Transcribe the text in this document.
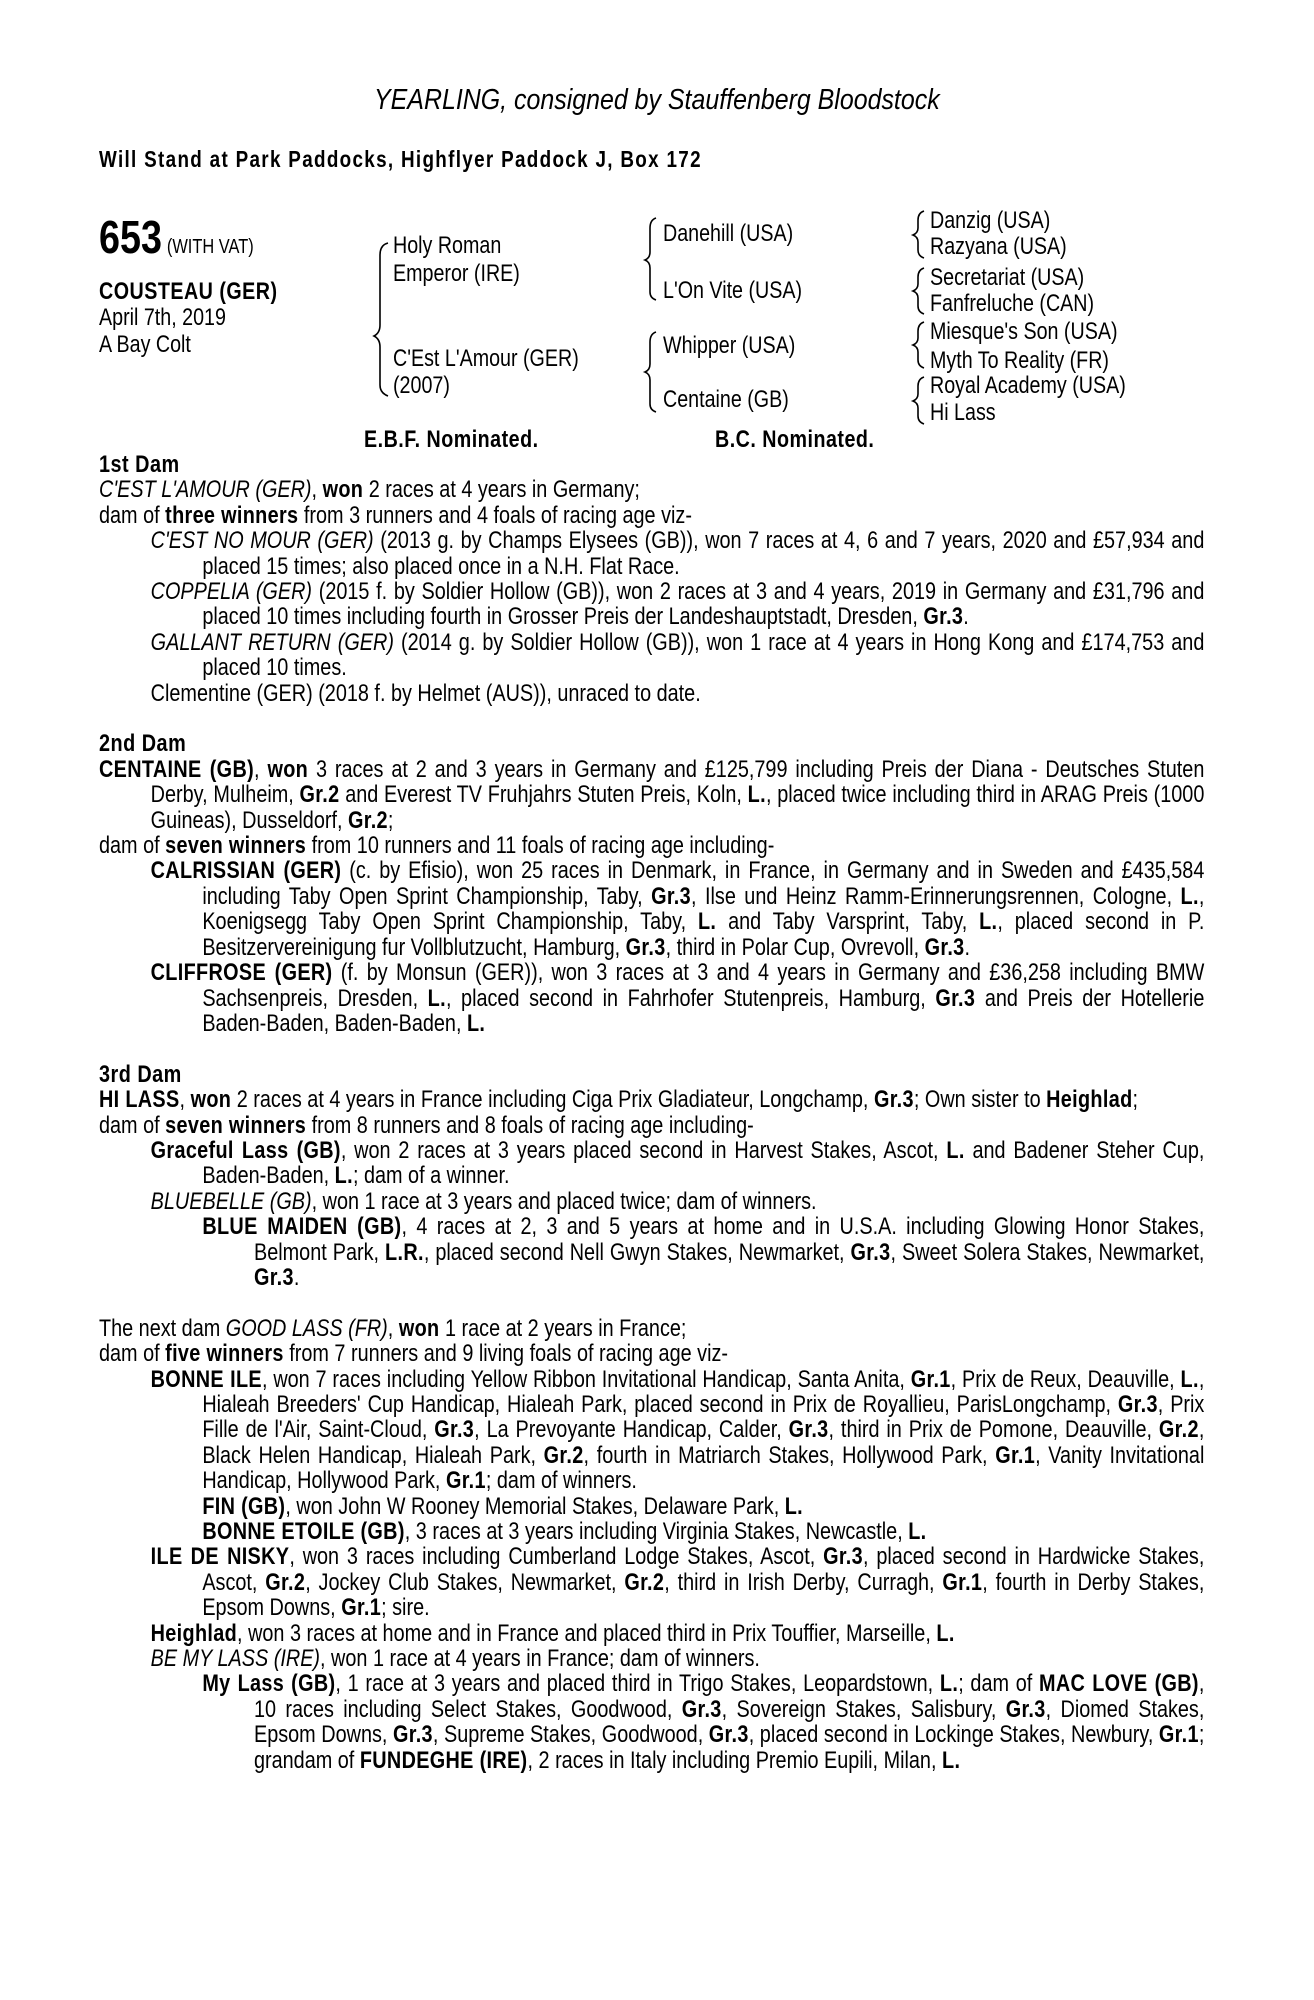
YEARLING, consigned by Stauffenberg Bloodstock
Will Stand at Park Paddocks, Highflyer Paddock J, Box 172
653 (WITH VAT)
COUSTEAU (GER)
April 7th, 2019
A Bay Colt
Holy Roman
Emperor (IRE)
C'Est L'Amour (GER)
(2007)
Danehill (USA)
L'On Vite (USA)
Whipper (USA)
Centaine (GB)
Danzig (USA)
Razyana (USA)
Secretariat (USA)
Fanfreluche (CAN)
Miesque's Son (USA)
Myth To Reality (FR)
Royal Academy (USA)
Hi Lass
E.B.F. Nominated.	B.C. Nominated.
1st Dam
C'EST L'AMOUR (GER), won 2 races at 4 years in Germany;
dam of three winners from 3 runners and 4 foals of racing age viz-
C'EST NO MOUR (GER) (2013 g. by Champs Elysees (GB)), won 7 races at 4, 6 and 7 years, 2020 and £57,934 and placed 15 times; also placed once in a N.H. Flat Race.
COPPELIA (GER) (2015 f. by Soldier Hollow (GB)), won 2 races at 3 and 4 years, 2019 in Germany and £31,796 and placed 10 times including fourth in Grosser Preis der Landeshauptstadt, Dresden, Gr.3.
GALLANT RETURN (GER) (2014 g. by Soldier Hollow (GB)), won 1 race at 4 years in Hong Kong and £174,753 and placed 10 times.
Clementine (GER) (2018 f. by Helmet (AUS)), unraced to date.
2nd Dam
CENTAINE (GB), won 3 races at 2 and 3 years in Germany and £125,799 including Preis der Diana - Deutsches Stuten Derby, Mulheim, Gr.2 and Everest TV Fruhjahrs Stuten Preis, Koln, L., placed twice including third in ARAG Preis (1000 Guineas), Dusseldorf, Gr.2;
dam of seven winners from 10 runners and 11 foals of racing age including-
CALRISSIAN (GER) (c. by Efisio), won 25 races in Denmark, in France, in Germany and in Sweden and £435,584 including Taby Open Sprint Championship, Taby, Gr.3, Ilse und Heinz Ramm-Erinnerungsrennen, Cologne, L., Koenigsegg Taby Open Sprint Championship, Taby, L. and Taby Varsprint, Taby, L., placed second in P. Besitzervereinigung fur Vollblutzucht, Hamburg, Gr.3, third in Polar Cup, Ovrevoll, Gr.3.
CLIFFROSE (GER) (f. by Monsun (GER)), won 3 races at 3 and 4 years in Germany and £36,258 including BMW Sachsenpreis, Dresden, L., placed second in Fahrhofer Stutenpreis, Hamburg, Gr.3 and Preis der Hotellerie Baden-Baden, Baden-Baden, L.
3rd Dam
HI LASS, won 2 races at 4 years in France including Ciga Prix Gladiateur, Longchamp, Gr.3; Own sister to Heighlad;
dam of seven winners from 8 runners and 8 foals of racing age including-
Graceful Lass (GB), won 2 races at 3 years placed second in Harvest Stakes, Ascot, L. and Badener Steher Cup, Baden-Baden, L.; dam of a winner.
BLUEBELLE (GB), won 1 race at 3 years and placed twice; dam of winners.
BLUE MAIDEN (GB), 4 races at 2, 3 and 5 years at home and in U.S.A. including Glowing Honor Stakes, Belmont Park, L.R., placed second Nell Gwyn Stakes, Newmarket, Gr.3, Sweet Solera Stakes, Newmarket, Gr.3.
The next dam GOOD LASS (FR), won 1 race at 2 years in France;
dam of five winners from 7 runners and 9 living foals of racing age viz-
BONNE ILE, won 7 races including Yellow Ribbon Invitational Handicap, Santa Anita, Gr.1, Prix de Reux, Deauville, L., Hialeah Breeders' Cup Handicap, Hialeah Park, placed second in Prix de Royallieu, ParisLongchamp, Gr.3, Prix Fille de l'Air, Saint-Cloud, Gr.3, La Prevoyante Handicap, Calder, Gr.3, third in Prix de Pomone, Deauville, Gr.2, Black Helen Handicap, Hialeah Park, Gr.2, fourth in Matriarch Stakes, Hollywood Park, Gr.1, Vanity Invitational Handicap, Hollywood Park, Gr.1; dam of winners.
FIN (GB), won John W Rooney Memorial Stakes, Delaware Park, L.
BONNE ETOILE (GB), 3 races at 3 years including Virginia Stakes, Newcastle, L.
ILE DE NISKY, won 3 races including Cumberland Lodge Stakes, Ascot, Gr.3, placed second in Hardwicke Stakes, Ascot, Gr.2, Jockey Club Stakes, Newmarket, Gr.2, third in Irish Derby, Curragh, Gr.1, fourth in Derby Stakes, Epsom Downs, Gr.1; sire.
Heighlad, won 3 races at home and in France and placed third in Prix Touffier, Marseille, L.
BE MY LASS (IRE), won 1 race at 4 years in France; dam of winners.
My Lass (GB), 1 race at 3 years and placed third in Trigo Stakes, Leopardstown, L.; dam of MAC LOVE (GB), 10 races including Select Stakes, Goodwood, Gr.3, Sovereign Stakes, Salisbury, Gr.3, Diomed Stakes, Epsom Downs, Gr.3, Supreme Stakes, Goodwood, Gr.3, placed second in Lockinge Stakes, Newbury, Gr.1; grandam of FUNDEGHE (IRE), 2 races in Italy including Premio Eupili, Milan, L.
